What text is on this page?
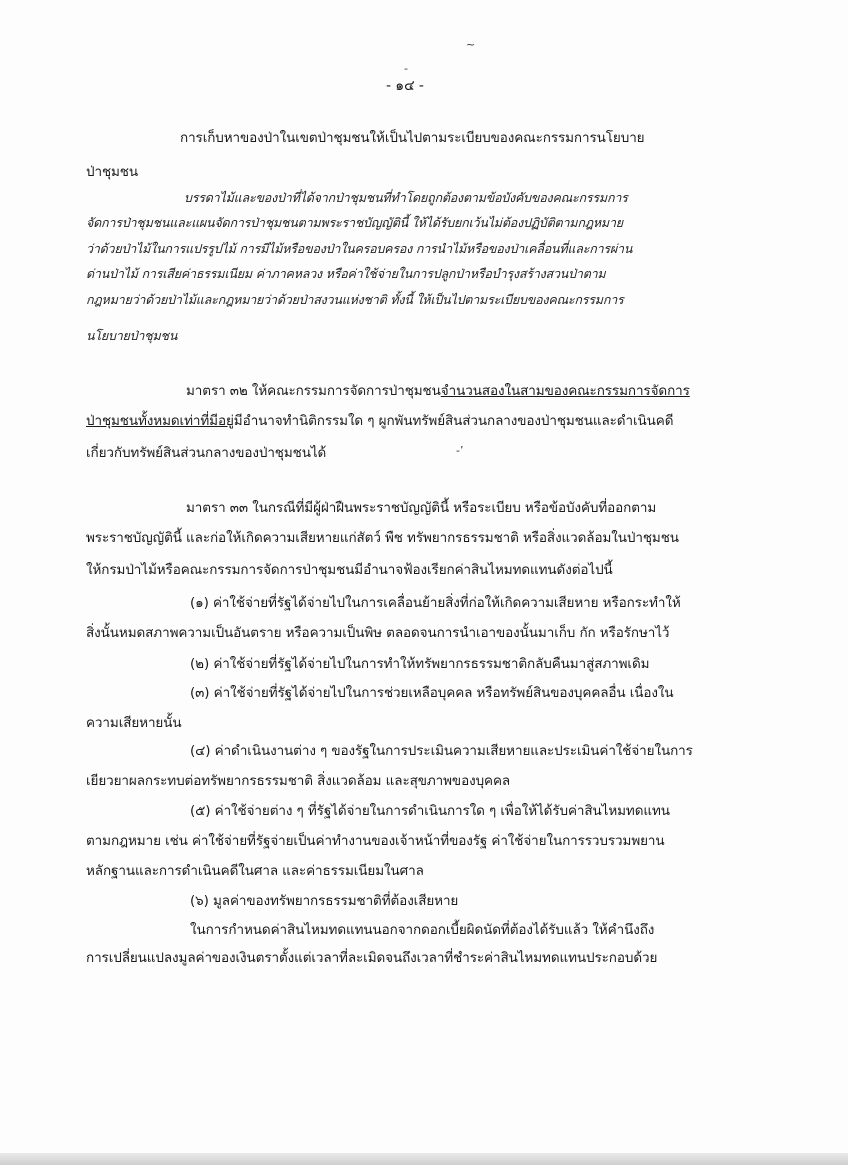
~
-
- ๑๔ -
การเก็บหาของป่าในเขตป่าชุมชนให้เป็นไปตามระเบียบของคณะกรรมการนโยบาย
ป่าชุมชน
บรรดาไม้และของป่าที่ได้จากป่าชุมชนที่ทำโดยถูกต้องตามข้อบังคับของคณะกรรมการ
จัดการป่าชุมชนและแผนจัดการป่าชุมชนตามพระราชบัญญัตินี้ ให้ได้รับยกเว้นไม่ต้องปฏิบัติตามกฎหมาย
ว่าด้วยป่าไม้ในการแปรรูปไม้ การมีไม้หรือของป่าในครอบครอง การนำไม้หรือของป่าเคลื่อนที่และการผ่าน
ด่านป่าไม้ การเสียค่าธรรมเนียม ค่าภาคหลวง หรือค่าใช้จ่ายในการปลูกป่าหรือบำรุงสร้างสวนป่าตาม
กฎหมายว่าด้วยป่าไม้และกฎหมายว่าด้วยป่าสงวนแห่งชาติ ทั้งนี้ ให้เป็นไปตามระเบียบของคณะกรรมการ
นโยบายป่าชุมชน
มาตรา ๓๒ ให้คณะกรรมการจัดการป่าชุมชนจำนวนสองในสามของคณะกรรมการจัดการ
ป่าชุมชนทั้งหมดเท่าที่มีอยู่มีอำนาจทำนิติกรรมใด ๆ ผูกพันทรัพย์สินส่วนกลางของป่าชุมชนและดำเนินคดี
เกี่ยวกับทรัพย์สินส่วนกลางของป่าชุมชนได้	-’
มาตรา ๓๓ ในกรณีที่มีผู้ฝ่าฝืนพระราชบัญญัตินี้ หรือระเบียบ หรือข้อบังคับที่ออกตาม
พระราชบัญญัตินี้ และก่อให้เกิดความเสียหายแก่สัตว์ พืช ทรัพยากรธรรมชาติ หรือสิ่งแวดล้อมในป่าชุมชน
ให้กรมป่าไม้หรือคณะกรรมการจัดการป่าชุมชนมีอำนาจฟ้องเรียกค่าสินไหมทดแทนดังต่อไปนี้
(๑) ค่าใช้จ่ายที่รัฐได้จ่ายไปในการเคลื่อนย้ายสิ่งที่ก่อให้เกิดความเสียหาย หรือกระทำให้
สิ่งนั้นหมดสภาพความเป็นอันตราย หรือความเป็นพิษ ตลอดจนการนำเอาของนั้นมาเก็บ กัก หรือรักษาไว้
(๒) ค่าใช้จ่ายที่รัฐได้จ่ายไปในการทำให้ทรัพยากรธรรมชาติกลับคืนมาสู่สภาพเดิม
(๓) ค่าใช้จ่ายที่รัฐได้จ่ายไปในการช่วยเหลือบุคคล หรือทรัพย์สินของบุคคลอื่น เนื่องใน
ความเสียหายนั้น
(๔) ค่าดำเนินงานต่าง ๆ ของรัฐในการประเมินความเสียหายและประเมินค่าใช้จ่ายในการ
เยียวยาผลกระทบต่อทรัพยากรธรรมชาติ สิ่งแวดล้อม และสุขภาพของบุคคล
(๕) ค่าใช้จ่ายต่าง ๆ ที่รัฐได้จ่ายในการดำเนินการใด ๆ เพื่อให้ได้รับค่าสินไหมทดแทน
ตามกฎหมาย เช่น ค่าใช้จ่ายที่รัฐจ่ายเป็นค่าทำงานของเจ้าหน้าที่ของรัฐ ค่าใช้จ่ายในการรวบรวมพยาน
หลักฐานและการดำเนินคดีในศาล และค่าธรรมเนียมในศาล
(๖) มูลค่าของทรัพยากรธรรมชาติที่ต้องเสียหาย
ในการกำหนดค่าสินไหมทดแทนนอกจากดอกเบี้ยผิดนัดที่ต้องได้รับแล้ว ให้คำนึงถึง
การเปลี่ยนแปลงมูลค่าของเงินตราตั้งแต่เวลาที่ละเมิดจนถึงเวลาที่ชำระค่าสินไหมทดแทนประกอบด้วย
